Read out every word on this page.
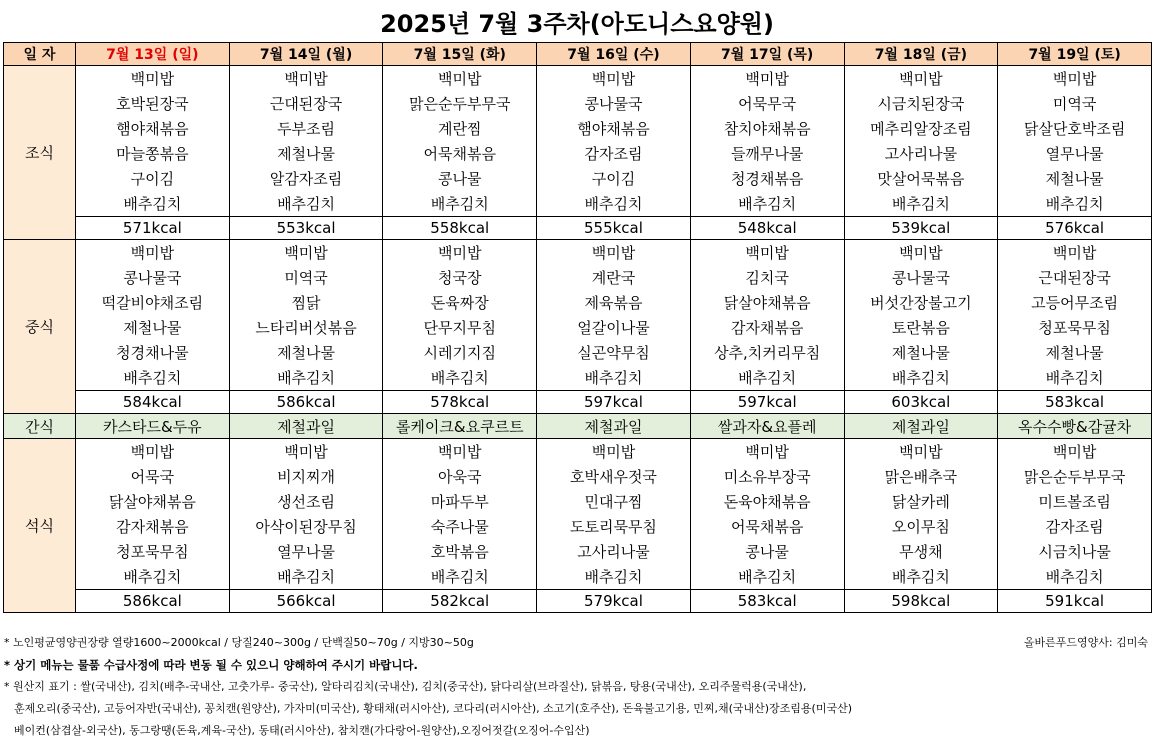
2025년 7월 3주차(아도니스요양원)
일 자	7월 13일 (일)	7월 14일 (월)	7월 15일 (화)	7월 16일 (수)	7월 17일 (목)	7월 18일 (금)	7월 19일 (토)
조식	백미밥	백미밥	백미밥	백미밥	백미밥	백미밥	백미밥
	호박된장국	근대된장국	맑은순두부무국	콩나물국	어묵무국	시금치된장국	미역국
	햄야채볶음	두부조림	계란찜	햄야채볶음	참치야채볶음	메추리알장조림	닭살단호박조림
	마늘쫑볶음	제철나물	어묵채볶음	감자조림	들깨무나물	고사리나물	열무나물
	구이김	알감자조림	콩나물	구이김	청경채볶음	맛살어묵볶음	제철나물
	배추김치	배추김치	배추김치	배추김치	배추김치	배추김치	배추김치
	571kcal	553kcal	558kcal	555kcal	548kcal	539kcal	576kcal
중식	백미밥	백미밥	백미밥	백미밥	백미밥	백미밥	백미밥
	콩나물국	미역국	청국장	계란국	김치국	콩나물국	근대된장국
	떡갈비야채조림	찜닭	돈육짜장	제육볶음	닭살야채볶음	버섯간장불고기	고등어무조림
	제철나물	느타리버섯볶음	단무지무침	얼갈이나물	감자채볶음	토란볶음	청포묵무침
	청경채나물	제철나물	시레기지짐	실곤약무침	상추,치커리무침	제철나물	제철나물
	배추김치	배추김치	배추김치	배추김치	배추김치	배추김치	배추김치
	584kcal	586kcal	578kcal	597kcal	597kcal	603kcal	583kcal
간식	카스타드&두유	제철과일	롤케이크&요쿠르트	제철과일	쌀과자&요플레	제철과일	옥수수빵&감귤차
석식	백미밥	백미밥	백미밥	백미밥	백미밥	백미밥	백미밥
	어묵국	비지찌개	아욱국	호박새우젓국	미소유부장국	맑은배추국	맑은순두부무국
	닭살야채볶음	생선조림	마파두부	민대구찜	돈육야채볶음	닭살카레	미트볼조림
	감자채볶음	아삭이된장무침	숙주나물	도토리묵무침	어묵채볶음	오이무침	감자조림
	청포묵무침	열무나물	호박볶음	고사리나물	콩나물	무생채	시금치나물
	배추김치	배추김치	배추김치	배추김치	배추김치	배추김치	배추김치
	586kcal	566kcal	582kcal	579kcal	583kcal	598kcal	591kcal
* 노인평균영양권장량 열량1600~2000kcal / 당질240~300g / 단백질50~70g / 지방30~50g
* 상기 메뉴는 물품 수급사정에 따라 변동 될 수 있으니 양해하여 주시기 바랍니다.
* 원산지 표기 : 쌀(국내산), 김치(배추-국내산, 고춧가루- 중국산), 알타리김치(국내산), 김치(중국산), 닭다리살(브라질산), 닭볶음, 탕용(국내산), 오리주물럭용(국내산),
훈제오리(중국산), 고등어자반(국내산), 꽁치캔(원양산), 가자미(미국산), 황태채(러시아산), 코다리(러시아산), 소고기(호주산), 돈육불고기용, 민찌,채(국내산)장조림용(미국산)
베이컨(삼겹살-외국산), 동그랑땡(돈육,계육-국산), 동태(러시아산), 참치캔(가다랑어-원양산),오징어젓갈(오징어-수입산)
올바른푸드영양사: 김미숙
